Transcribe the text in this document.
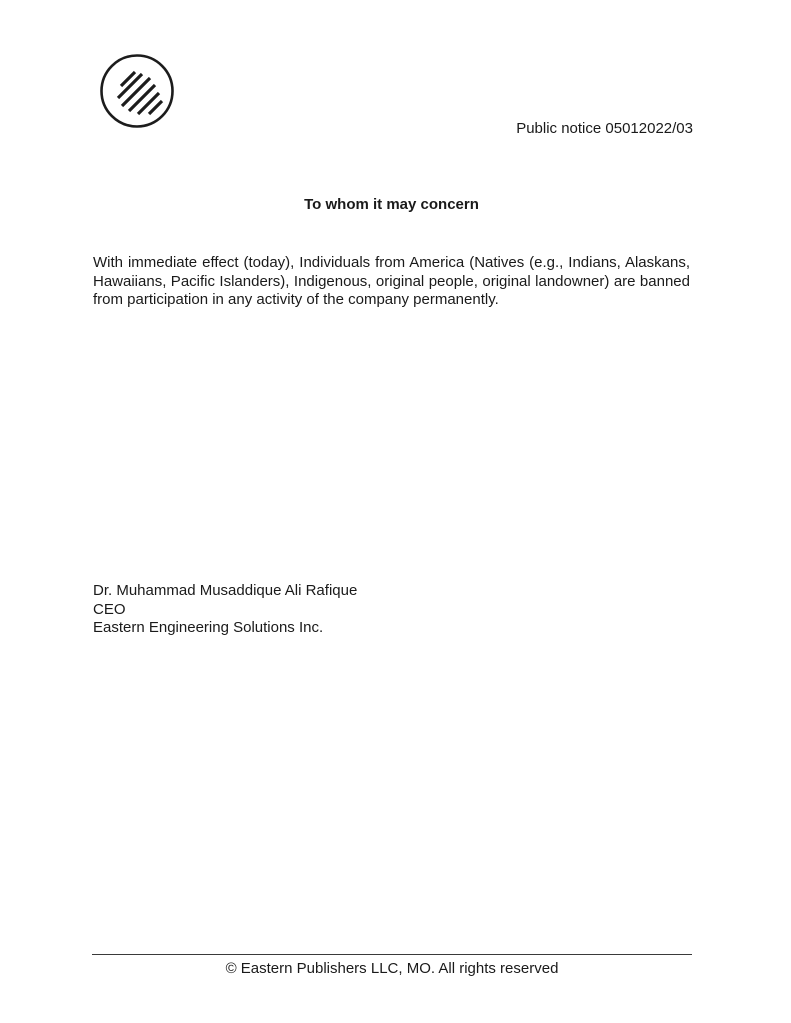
Public notice 05012022/03
To whom it may concern
With immediate effect (today), Individuals from America (Natives (e.g., Indians, Alaskans, Hawaiians, Pacific Islanders), Indigenous, original people, original landowner) are banned from participation in any activity of the company permanently.
Dr. Muhammad Musaddique Ali Rafique
CEO
Eastern Engineering Solutions Inc.
© Eastern Publishers LLC, MO. All rights reserved
